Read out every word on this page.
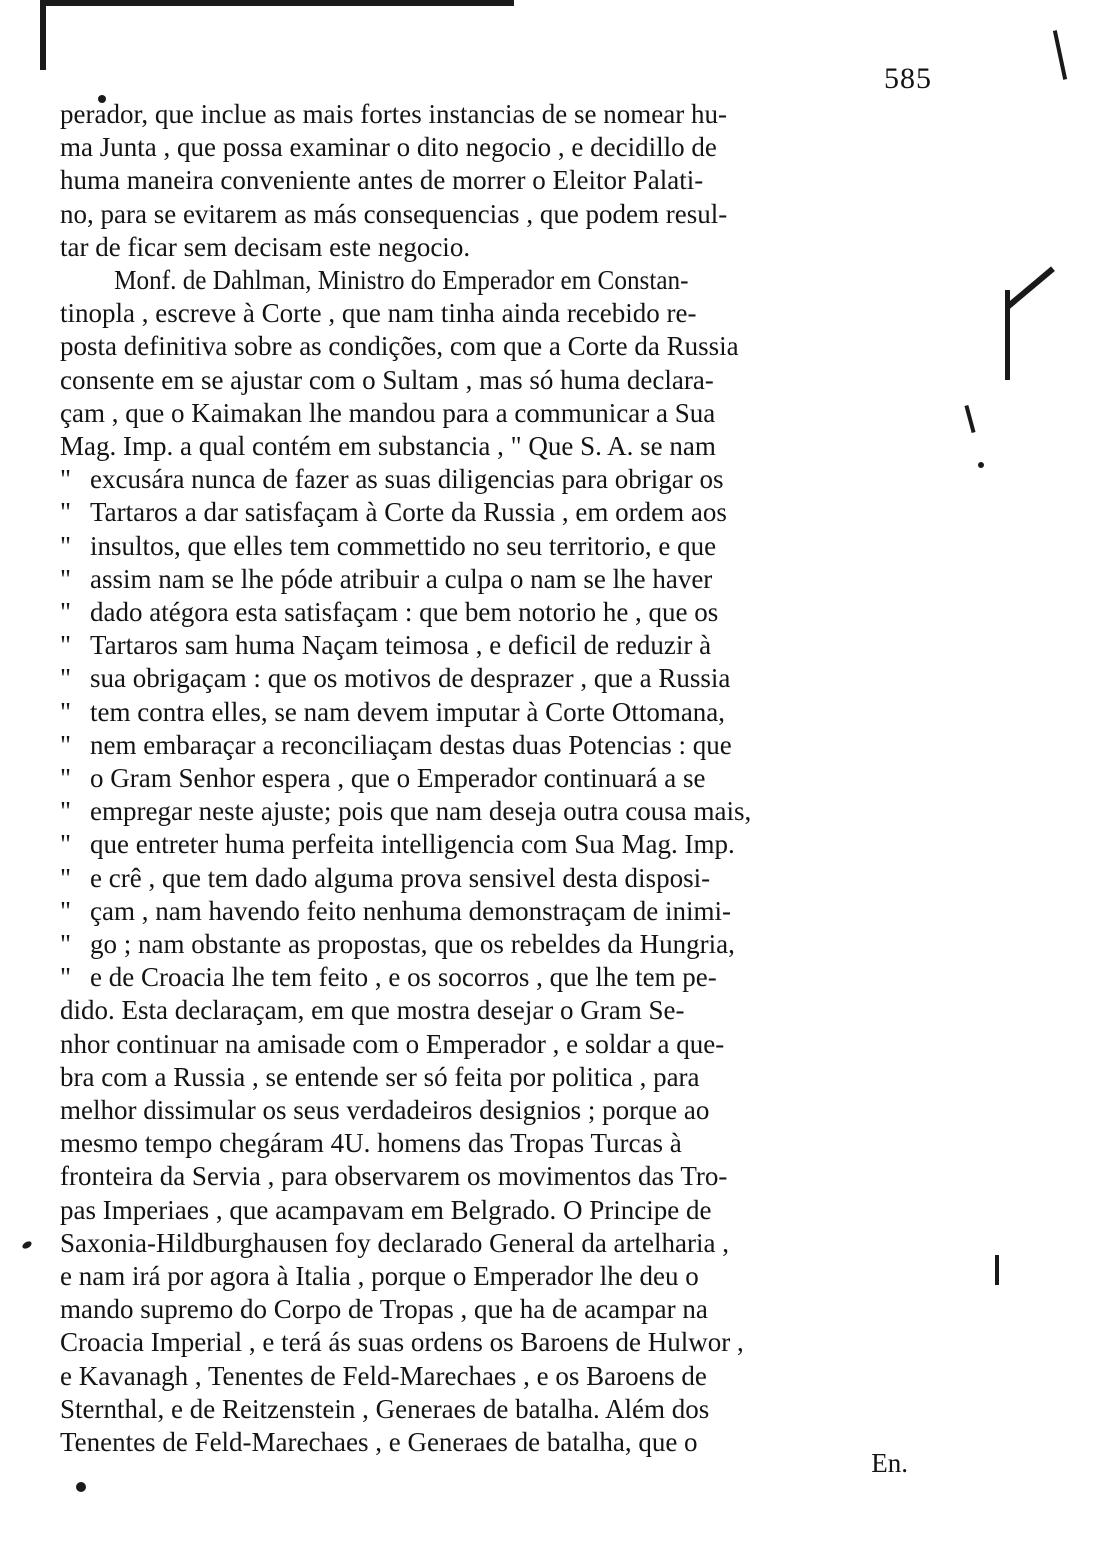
585
perador, que inclue as mais fortes instancias de se nomear hu-
ma Junta , que possa examinar o dito negocio , e decidillo de
huma maneira conveniente antes de morrer o Eleitor Palati-
no, para se evitarem as más consequencias , que podem resul-
tar de ficar sem decisam este negocio.
Monf. de Dahlman, Ministro do Emperador em Constan-
tinopla , escreve à Corte , que nam tinha ainda recebido re-
posta definitiva sobre as condições, com que a Corte da Russia
consente em se ajustar com o Sultam , mas só huma declara-
çam , que o Kaimakan lhe mandou para a communicar a Sua
Mag. Imp. a qual contém em substancia , " Que S. A. se nam
" excusára nunca de fazer as suas diligencias para obrigar os
" Tartaros a dar satisfaçam à Corte da Russia , em ordem aos
" insultos, que elles tem commettido no seu territorio, e que
" assim nam se lhe póde atribuir a culpa o nam se lhe haver
" dado atégora esta satisfaçam : que bem notorio he , que os
" Tartaros sam huma Naçam teimosa , e deficil de reduzir à
" sua obrigaçam : que os motivos de desprazer , que a Russia
" tem contra elles, se nam devem imputar à Corte Ottomana,
" nem embaraçar a reconciliaçam destas duas Potencias : que
" o Gram Senhor espera , que o Emperador continuará a se
" empregar neste ajuste; pois que nam deseja outra cousa mais,
" que entreter huma perfeita intelligencia com Sua Mag. Imp.
" e crê , que tem dado alguma prova sensivel desta disposi-
" çam , nam havendo feito nenhuma demonstraçam de inimi-
" go ; nam obstante as propostas, que os rebeldes da Hungria,
" e de Croacia lhe tem feito , e os socorros , que lhe tem pe-
dido. Esta declaraçam, em que mostra desejar o Gram Se-
nhor continuar na amisade com o Emperador , e soldar a que-
bra com a Russia , se entende ser só feita por politica , para
melhor dissimular os seus verdadeiros designios ; porque ao
mesmo tempo chegáram 4U. homens das Tropas Turcas à
fronteira da Servia , para observarem os movimentos das Tro-
pas Imperiaes , que acampavam em Belgrado. O Principe de
Saxonia-Hildburghausen foy declarado General da artelharia ,
e nam irá por agora à Italia , porque o Emperador lhe deu o
mando supremo do Corpo de Tropas , que ha de acampar na
Croacia Imperial , e terá ás suas ordens os Baroens de Hulwor ,
e Kavanagh , Tenentes de Feld-Marechaes , e os Baroens de
Sternthal, e de Reitzenstein , Generaes de batalha. Além dos
Tenentes de Feld-Marechaes , e Generaes de batalha, que o
En.
